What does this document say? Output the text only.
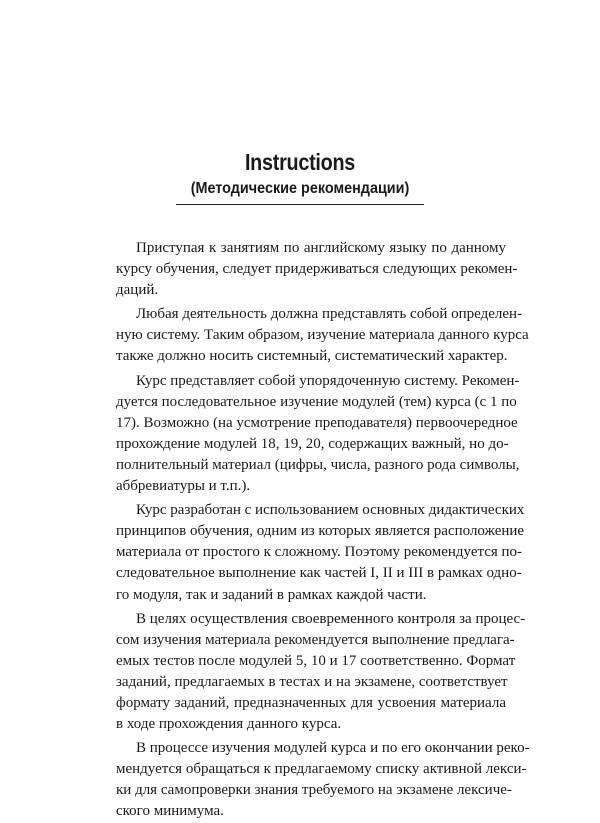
Instructions
(Методические рекомендации)
Приступая к занятиям по английскому языку по данному
курсу обучения, следует придерживаться следующих рекомен-
даций.
Любая деятельность должна представлять собой определен-
ную систему. Таким образом, изучение материала данного курса
также должно носить системный, систематический характер.
Курс представляет собой упорядоченную систему. Рекомен-
дуется последовательное изучение модулей (тем) курса (с 1 по
17). Возможно (на усмотрение преподавателя) первоочередное
прохождение модулей 18, 19, 20, содержащих важный, но до-
полнительный материал (цифры, числа, разного рода символы,
аббревиатуры и т.п.).
Курс разработан с использованием основных дидактических
принципов обучения, одним из которых является расположение
материала от простого к сложному. Поэтому рекомендуется по-
следовательное выполнение как частей I, II и III в рамках одно-
го модуля, так и заданий в рамках каждой части.
В целях осуществления своевременного контроля за процес-
сом изучения материала рекомендуется выполнение предлага-
емых тестов после модулей 5, 10 и 17 соответственно. Формат
заданий, предлагаемых в тестах и на экзамене, соответствует
формату заданий, предназначенных для усвоения материала
в ходе прохождения данного курса.
В процессе изучения модулей курса и по его окончании реко-
мендуется обращаться к предлагаемому списку активной лекси-
ки для самопроверки знания требуемого на экзамене лексиче-
ского минимума.
